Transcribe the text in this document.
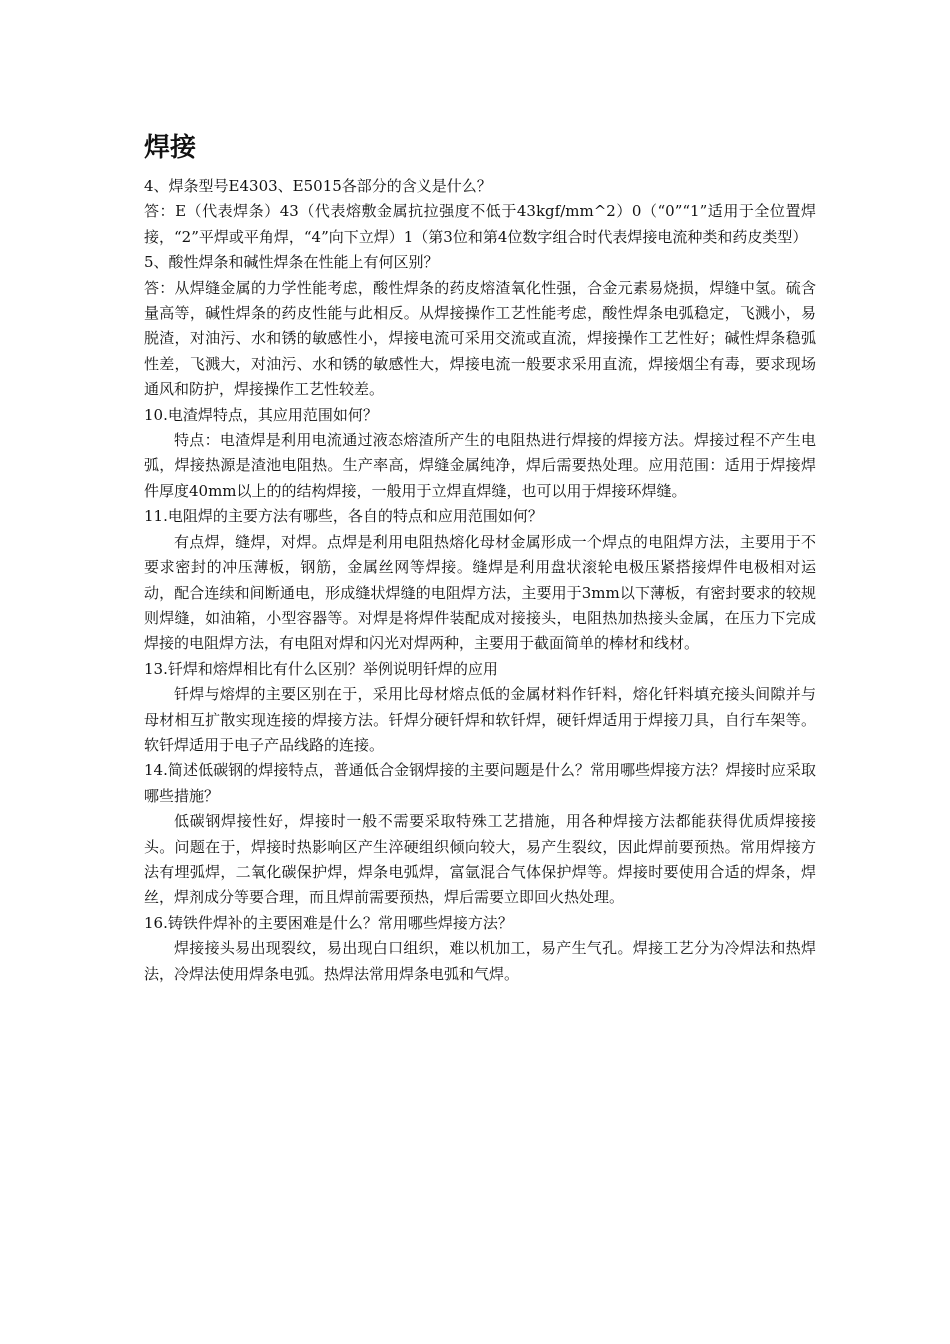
焊接

4、焊条型号E4303、E5015各部分的含义是什么？

答：E（代表焊条）43（代表熔敷金属抗拉强度不低于43kgf/mm^2）0（“0”“1”适用于全位置焊接，“2”平焊或平角焊，“4”向下立焊）1（第3位和第4位数字组合时代表焊接电流种类和药皮类型）

5、酸性焊条和碱性焊条在性能上有何区别？

答：从焊缝金属的力学性能考虑，酸性焊条的药皮熔渣氧化性强，合金元素易烧损，焊缝中氢。硫含量高等，碱性焊条的药皮性能与此相反。从焊接操作工艺性能考虑，酸性焊条电弧稳定，飞溅小，易脱渣，对油污、水和锈的敏感性小，焊接电流可采用交流或直流，焊接操作工艺性好；碱性焊条稳弧性差，飞溅大，对油污、水和锈的敏感性大，焊接电流一般要求采用直流，焊接烟尘有毒，要求现场通风和防护，焊接操作工艺性较差。

10.电渣焊特点，其应用范围如何？

特点：电渣焊是利用电流通过液态熔渣所产生的电阻热进行焊接的焊接方法。焊接过程不产生电弧，焊接热源是渣池电阻热。生产率高，焊缝金属纯净，焊后需要热处理。应用范围：适用于焊接焊件厚度40mm以上的的结构焊接，一般用于立焊直焊缝，也可以用于焊接环焊缝。

11.电阻焊的主要方法有哪些，各自的特点和应用范围如何？

有点焊，缝焊，对焊。点焊是利用电阻热熔化母材金属形成一个焊点的电阻焊方法，主要用于不要求密封的冲压薄板，钢筋，金属丝网等焊接。缝焊是利用盘状滚轮电极压紧搭接焊件电极相对运动，配合连续和间断通电，形成缝状焊缝的电阻焊方法，主要用于3mm以下薄板，有密封要求的较规则焊缝，如油箱，小型容器等。对焊是将焊件装配成对接接头，电阻热加热接头金属，在压力下完成焊接的电阻焊方法，有电阻对焊和闪光对焊两种，主要用于截面简单的棒材和线材。

13.钎焊和熔焊相比有什么区别？举例说明钎焊的应用

钎焊与熔焊的主要区别在于，采用比母材熔点低的金属材料作钎料，熔化钎料填充接头间隙并与母材相互扩散实现连接的焊接方法。钎焊分硬钎焊和软钎焊，硬钎焊适用于焊接刀具，自行车架等。软钎焊适用于电子产品线路的连接。

14.简述低碳钢的焊接特点，普通低合金钢焊接的主要问题是什么？常用哪些焊接方法？焊接时应采取哪些措施？

低碳钢焊接性好，焊接时一般不需要采取特殊工艺措施，用各种焊接方法都能获得优质焊接接头。问题在于，焊接时热影响区产生淬硬组织倾向较大，易产生裂纹，因此焊前要预热。常用焊接方法有埋弧焊，二氧化碳保护焊，焊条电弧焊，富氩混合气体保护焊等。焊接时要使用合适的焊条，焊丝，焊剂成分等要合理，而且焊前需要预热，焊后需要立即回火热处理。

16.铸铁件焊补的主要困难是什么？常用哪些焊接方法？

焊接接头易出现裂纹，易出现白口组织，难以机加工，易产生气孔。焊接工艺分为冷焊法和热焊法，冷焊法使用焊条电弧。热焊法常用焊条电弧和气焊。
